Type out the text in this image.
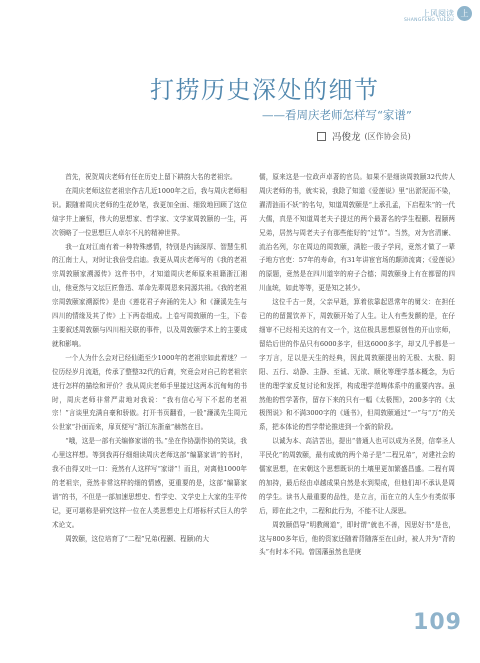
上风阅读
SHANGFENG YUEDU
上
打捞历史深处的细节
——看周庆老师怎样写“家谱”
冯俊龙 (区作协会员)

首先，祝贺周庆老师有任在历史上留下耕韵大名的老祖宗。

在周庆老师这位老祖宗作古几近1000年之后，我与周庆老师相识。跟随着周庆老师的生花妙笔，我更加全面、细致地回顾了这位煊字井上廉恒，伟大的思想家、哲学家、文学家周敦颐的一生，再次领略了一位思想巨人卓尔不凡的精神世界。

我一直对江南有着一种特殊感情，特别是内涵深厚、智慧生机的江南士人，对时让我倍受启迪。我更从周庆老师写的《我的老祖宗周敦颐家溯源传》这件书中，才知道周庆老师原来祖籍浙江湘山，他竟然与文坛巨匠鲁迅、革命先辈周恩来同源共祖。《我的老祖宗周敦颐家溯源传》是由《莲花君子奔涌的先人》和《濂溪先生与四川的情缘及其了传》上下两卷组成。上卷写周敦颐的一生，下卷主要叙述周敦颐与四川相关联的事件，以及周敦颐学术上的主要成就和影响。

一个人为什么会对已经仙逝至少1000年的老祖宗如此着迷？一位历经岁月流逝，传承了整整32代的后裔，究竟会对自己的老祖宗进行怎样的描绘和评价？我从周庆老师手里接过这两本沉甸甸的书时，周庆老师非常严肃地对我说：“我有信心写下不起的老祖宗！”言谈里充满自豪和骄傲。打开书页翻看，一股“濂溪先生周元公世家”扑面而来，扉页便写“浙江东浙童”赫然在目。

“哦，这是一部有关编修家谱的书。”坐在作协副作协的笑谈，我心里这样想。等到我再仔细细读周庆老师这部“编纂家谱”的书时，我不由得又吐一口：竟然有人这样写“家谱”！而且，对离他1000年的老祖宗，竟然非常这样的细的情感，更重要的是，这部“编纂家谱”的书，不但是一部加速思想史、哲学史、文学史上大家的生平传记，更可堪称是研究这样一位在人类思想史上灯塔标杆式巨人的学术论文。

周敦颐，这位培育了“二程”兄弟(程颢、程颐)的大

儒，原来这是一位政声卓著的官员。如果不是细读周敦颐32代传人周庆老师的书，就实说，我除了知道《爱莲说》里“出淤泥而不染，濯清涟而不妖”的名句，知道周敦颐是“上承孔孟，下启程朱”的一代大儒，真是不知道周老夫子提过的两个最著名的学生程颢、程颐两兄弟，居然与周老夫子有那些能好的“过节”。当然，对为官清廉、流治名列，尔在周边的周敦颐，满腔一股子学问，竟然才做了一辈子地方官吏：57年的寿命，有31年讲宦官场的颠沛流离；《爱莲说》的原题，竟然是在四川道宰的府子合德；周敦颐身上有在都留的四川血统，如此等等，更是知之甚少。

这位千古一贤，父亲早逝，算着依靠起恩常年的舅父：在担任已的的留置饮养下，周敦颐开始了人生。让人有些发颤的是，在仔细审不已经相关这的有文一个，这位极具思想原创性的开山宗师，留给后世的作品只有6000多字，但这6000多字，却又几乎都是一字万言，足以是天生的经典，因此周敦颐提出的无极、太极、阴阳、五行、动静、主静、至诚、无欲、顺化等理学基本概念，为后世的理学家反复讨论和发挥，构成理学范畴体系中的重要内容。虽然他的哲学著作，留存下来的只有一幅《太极图》，200多字的《太极图说》和不满3000字的《通书》，但周敦颐通过“一”与“万”的关系，把本体论的哲学带论推进到一个新的阶段。

以诚为本、高洁苦出，提出“普通人也可以成为圣贤，信奉圣人平民化”的周敦颐，最有成就的两个弟子是“二程兄弟”，对建社会的儒家思想，在宋朝这个思想既识的土壤里更加繁盛昌盛。二程有周的加持，最后经由卓越成果自然是水到渠成，但他们却不承认是周的学生。读书人最重要的品性，是立言，而在立的人生少有类似事后，即在此之中，二程和此行为，不能不让人深思。

周敦颐倡导“明教阙道”，即时谓“就也不善，因思好书”是也，这与800多年后，他的资家还随着背随落至在山时，被人并为“背的头”有时本不同。曾国藩虽然也是庚

109
